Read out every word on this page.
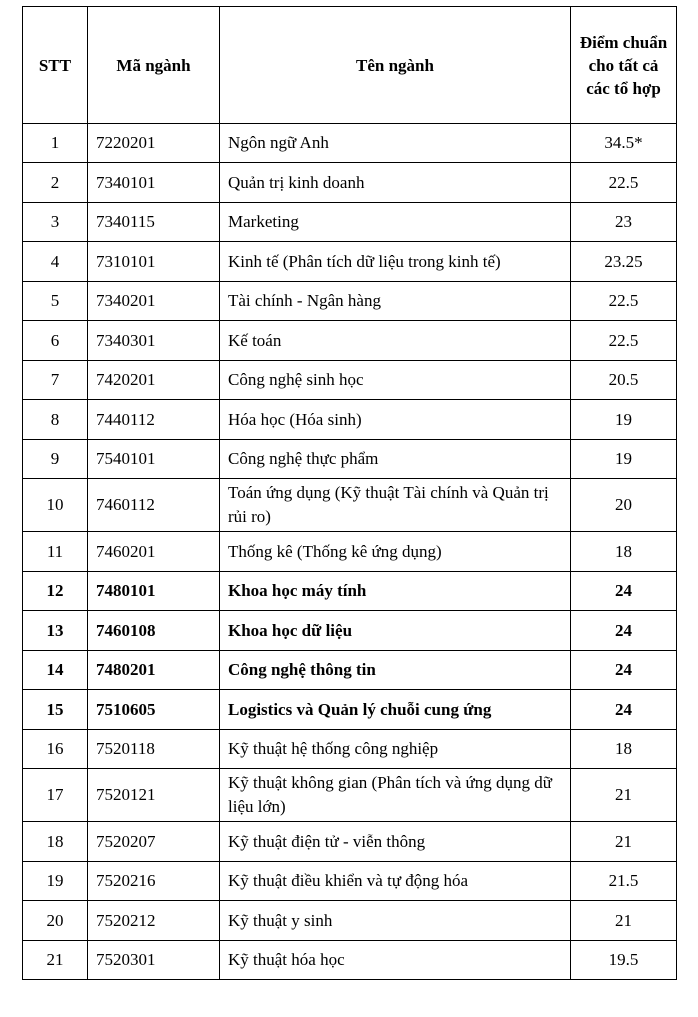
STT	Mã ngành	Tên ngành	Điểm chuẩn cho tất cả các tổ hợp
1	7220201	Ngôn ngữ Anh	34.5*
2	7340101	Quản trị kinh doanh	22.5
3	7340115	Marketing	23
4	7310101	Kinh tế (Phân tích dữ liệu trong kinh tế)	23.25
5	7340201	Tài chính - Ngân hàng	22.5
6	7340301	Kế toán	22.5
7	7420201	Công nghệ sinh học	20.5
8	7440112	Hóa học (Hóa sinh)	19
9	7540101	Công nghệ thực phẩm	19
10	7460112	Toán ứng dụng (Kỹ thuật Tài chính và Quản trị rủi ro)	20
11	7460201	Thống kê (Thống kê ứng dụng)	18
12	7480101	Khoa học máy tính	24
13	7460108	Khoa học dữ liệu	24
14	7480201	Công nghệ thông tin	24
15	7510605	Logistics và Quản lý chuỗi cung ứng	24
16	7520118	Kỹ thuật hệ thống công nghiệp	18
17	7520121	Kỹ thuật không gian (Phân tích và ứng dụng dữ liệu lớn)	21
18	7520207	Kỹ thuật điện tử - viễn thông	21
19	7520216	Kỹ thuật điều khiển và tự động hóa	21.5
20	7520212	Kỹ thuật y sinh	21
21	7520301	Kỹ thuật hóa học	19.5
